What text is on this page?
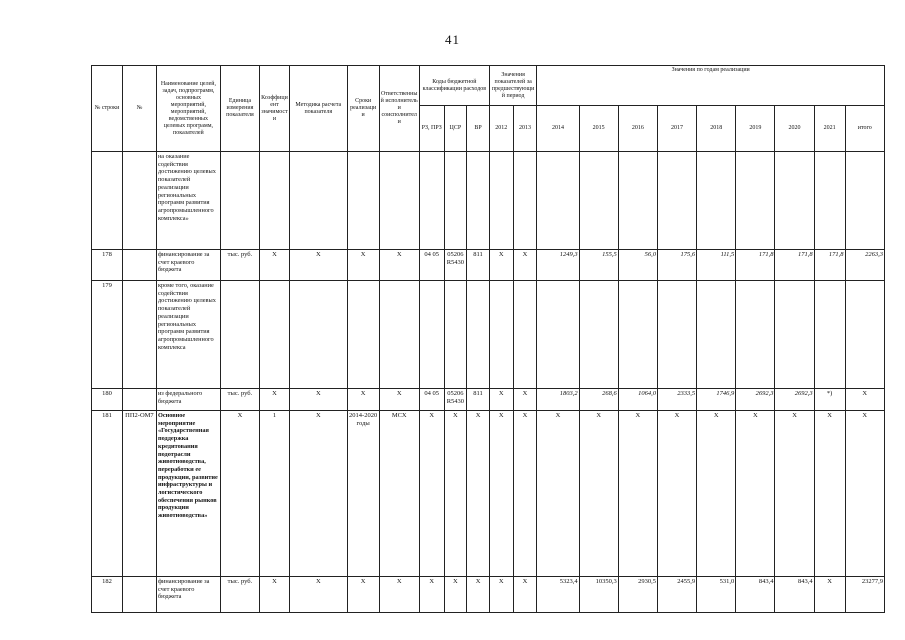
41
№ строки	№	Наименование целей, задач, подпрограмм, основных мероприятий, мероприятий, ведомственных целевых программ, показателей	Единица измерения показателя	Коэффициент значимости	Методика расчета показателя	Сроки реализации	Ответственный исполнитель и соисполнители	Коды бюджетной классификации расходов			Значения показателей за предшествующий период		Значения по годам реализации								
								РЗ, ПРЗ	ЦСР	ВР	2012	2013	2014	2015	2016	2017	2018	2019	2020	2021	итого
		на оказание содействия достижению целевых показателей реализации региональных программ развития агропромышленного комплекса»																			
178		финансирование за счет краевого бюджета	тыс. руб.	X	X	X	X	04 05	05206 R5430	811	X	X	1249,3	155,5	56,0	175,6	111,5	171,8	171,8	171,8	2263,3
179		кроме того, оказание содействия достижению целевых показателей реализации региональных программ развития агропромышленного комплекса																			
180		из федерального бюджета	тыс. руб.	X	X	X	X	04 05	05206 R5430	811	X	X	1803,2	268,6	1064,0	2333,5	1746,9	2692,3	2692,3	*)	X
181	ПП2-ОМ7	Основное мероприятие «Государственная поддержка кредитования подотрасли животноводства, переработки ее продукции, развитие инфраструктуры и логистического обеспечения рынков продукции животноводства»	X	1	X	2014-2020 годы	МСХ	X	X	X	X	X	X	X	X	X	X	X	X	X	X
182		финансирование за счет краевого бюджета	тыс. руб.	X	X	X	X	X	X	X	X	X	5323,4	10350,3	2930,5	2455,9	531,0	843,4	843,4	X	23277,9
